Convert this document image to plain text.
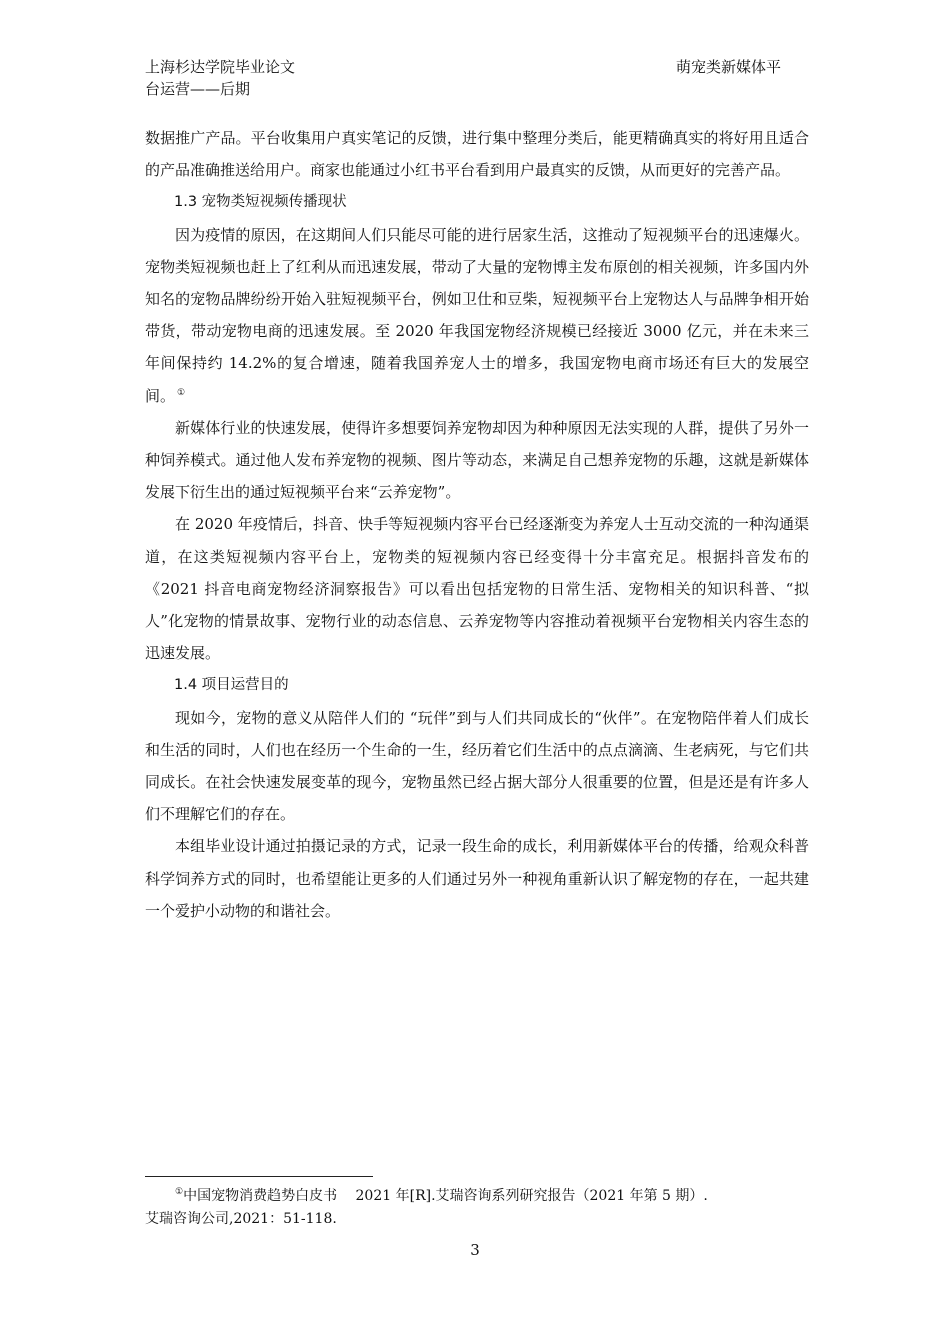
上海杉达学院毕业论文
台运营——后期
萌宠类新媒体平

数据推广产品。平台收集用户真实笔记的反馈，进行集中整理分类后，能更精确真实的将好用且适合的产品准确推送给用户。商家也能通过小红书平台看到用户最真实的反馈，从而更好的完善产品。

1.3 宠物类短视频传播现状

因为疫情的原因，在这期间人们只能尽可能的进行居家生活，这推动了短视频平台的迅速爆火。宠物类短视频也赶上了红利从而迅速发展，带动了大量的宠物博主发布原创的相关视频，许多国内外知名的宠物品牌纷纷开始入驻短视频平台，例如卫仕和豆柴，短视频平台上宠物达人与品牌争相开始带货，带动宠物电商的迅速发展。至 2020 年我国宠物经济规模已经接近 3000 亿元，并在未来三年间保持约 14.2%的复合增速，随着我国养宠人士的增多，我国宠物电商市场还有巨大的发展空间。 ①

新媒体行业的快速发展，使得许多想要饲养宠物却因为种种原因无法实现的人群，提供了另外一种饲养模式。通过他人发布养宠物的视频、图片等动态，来满足自己想养宠物的乐趣，这就是新媒体发展下衍生出的通过短视频平台来“云养宠物”。

在 2020 年疫情后，抖音、快手等短视频内容平台已经逐渐变为养宠人士互动交流的一种沟通渠道，在这类短视频内容平台上，宠物类的短视频内容已经变得十分丰富充足。根据抖音发布的《2021 抖音电商宠物经济洞察报告》可以看出包括宠物的日常生活、宠物相关的知识科普、“拟人”化宠物的情景故事、宠物行业的动态信息、云养宠物等内容推动着视频平台宠物相关内容生态的迅速发展。

1.4 项目运营目的

现如今，宠物的意义从陪伴人们的 “玩伴”到与人们共同成长的“伙伴”。在宠物陪伴着人们成长和生活的同时，人们也在经历一个生命的一生，经历着它们生活中的点点滴滴、生老病死，与它们共同成长。在社会快速发展变革的现今，宠物虽然已经占据大部分人很重要的位置，但是还是有许多人们不理解它们的存在。

本组毕业设计通过拍摄记录的方式，记录一段生命的成长，利用新媒体平台的传播，给观众科普科学饲养方式的同时，也希望能让更多的人们通过另外一种视角重新认识了解宠物的存在，一起共建一个爱护小动物的和谐社会。

①中国宠物消费趋势白皮书　 2021 年[R].艾瑞咨询系列研究报告（2021 年第 5 期）.
艾瑞咨询公司,2021：51-118.
3
